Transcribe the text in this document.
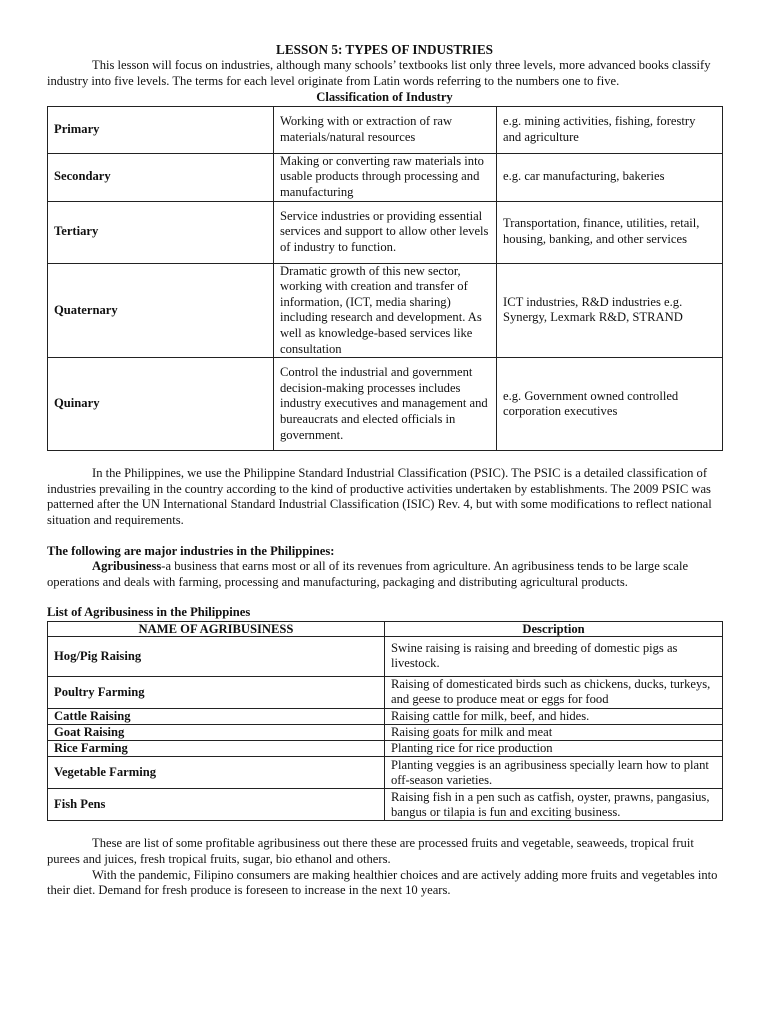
LESSON 5: TYPES OF INDUSTRIES

This lesson will focus on industries, although many schools’ textbooks list only three levels, more advanced books classify industry into five levels. The terms for each level originate from Latin words referring to the numbers one to five.

Classification of Industry
Primary	Working with or extraction of raw materials/natural resources	e.g. mining activities, fishing, forestry and agriculture
Secondary	Making or converting raw materials into usable products through processing and manufacturing	e.g. car manufacturing, bakeries
Tertiary	Service industries or providing essential services and support to allow other levels of industry to function.	Transportation, finance, utilities, retail, housing, banking, and other services
Quaternary	Dramatic growth of this new sector, working with creation and transfer of information, (ICT, media sharing) including research and development. As well as knowledge-based services like consultation	ICT industries, R&D industries e.g. Synergy, Lexmark R&D, STRAND
Quinary	Control the industrial and government decision-making processes includes industry executives and management and bureaucrats and elected officials in government.	e.g. Government owned controlled corporation executives

In the Philippines, we use the Philippine Standard Industrial Classification (PSIC). The PSIC is a detailed classification of industries prevailing in the country according to the kind of productive activities undertaken by establishments. The 2009 PSIC was patterned after the UN International Standard Industrial Classification (ISIC) Rev. 4, but with some modifications to reflect national situation and requirements.

The following are major industries in the Philippines:

Agribusiness-a business that earns most or all of its revenues from agriculture. An agribusiness tends to be large scale operations and deals with farming, processing and manufacturing, packaging and distributing agricultural products.

List of Agribusiness in the Philippines

NAME OF AGRIBUSINESS	Description
Hog/Pig Raising	Swine raising is raising and breeding of domestic pigs as livestock.
Poultry Farming	Raising of domesticated birds such as chickens, ducks, turkeys, and geese to produce meat or eggs for food
Cattle Raising	Raising cattle for milk, beef, and hides.
Goat Raising	Raising goats for milk and meat
Rice Farming	Planting rice for rice production
Vegetable Farming	Planting veggies is an agribusiness specially learn how to plant off-season varieties.
Fish Pens	Raising fish in a pen such as catfish, oyster, prawns, pangasius, bangus or tilapia is fun and exciting business.

These are list of some profitable agribusiness out there these are processed fruits and vegetable, seaweeds, tropical fruit purees and juices, fresh tropical fruits, sugar, bio ethanol and others.

With the pandemic, Filipino consumers are making healthier choices and are actively adding more fruits and vegetables into their diet. Demand for fresh produce is foreseen to increase in the next 10 years.
